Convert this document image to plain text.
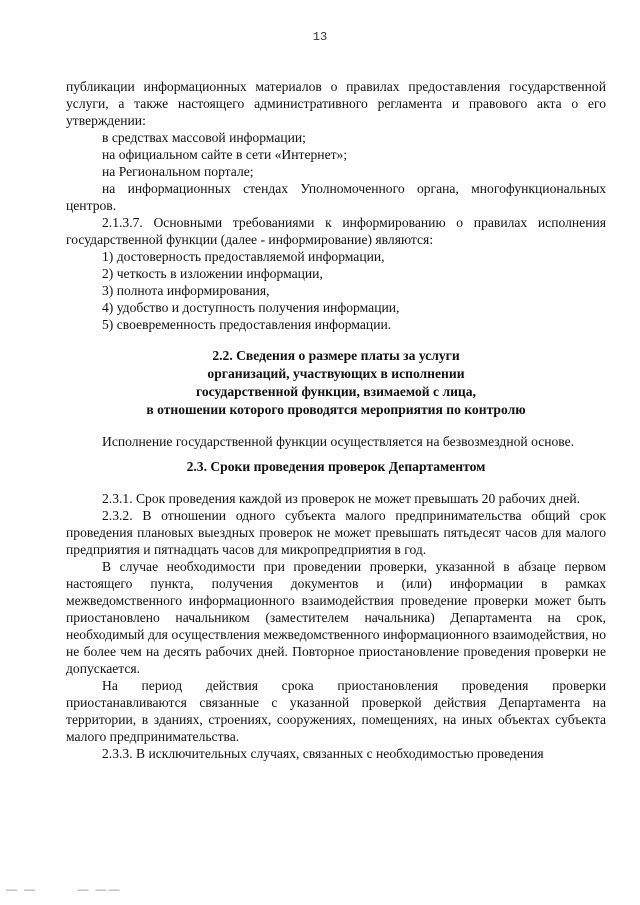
13

публикации информационных материалов о правилах предоставления государственной услуги, а также настоящего административного регламента и правового акта о его утверждении:

в средствах массовой информации;

на официальном сайте в сети «Интернет»;

на Региональном портале;

на информационных стендах Уполномоченного органа, многофункциональных центров.

2.1.3.7. Основными требованиями к информированию о правилах исполнения государственной функции (далее - информирование) являются:

1) достоверность предоставляемой информации,

2) четкость в изложении информации,

3) полнота информирования,

4) удобство и доступность получения информации,

5) своевременность предоставления информации.

2.2. Сведения о размере платы за услуги

организаций, участвующих в исполнении

государственной функции, взимаемой с лица,

в отношении которого проводятся мероприятия по контролю

Исполнение государственной функции осуществляется на безвозмездной основе.

2.3. Сроки проведения проверок Департаментом

2.3.1. Срок проведения каждой из проверок не может превышать 20 рабочих дней.

2.3.2. В отношении одного субъекта малого предпринимательства общий срок проведения плановых выездных проверок не может превышать пятьдесят часов для малого предприятия и пятнадцать часов для микропредприятия в год.

В случае необходимости при проведении проверки, указанной в абзаце первом настоящего пункта, получения документов и (или) информации в рамках межведомственного информационного взаимодействия проведение проверки может быть приостановлено начальником (заместителем начальника) Департамента на срок, необходимый для осуществления межведомственного информационного взаимодействия, но не более чем на десять рабочих дней. Повторное приостановление проведения проверки не допускается.

На период действия срока приостановления проведения проверки приостанавливаются связанные с указанной проверкой действия Департамента на территории, в зданиях, строениях, сооружениях, помещениях, на иных объектах субъекта малого предпринимательства.

2.3.3. В исключительных случаях, связанных с необходимостью проведения

— —        — ——
